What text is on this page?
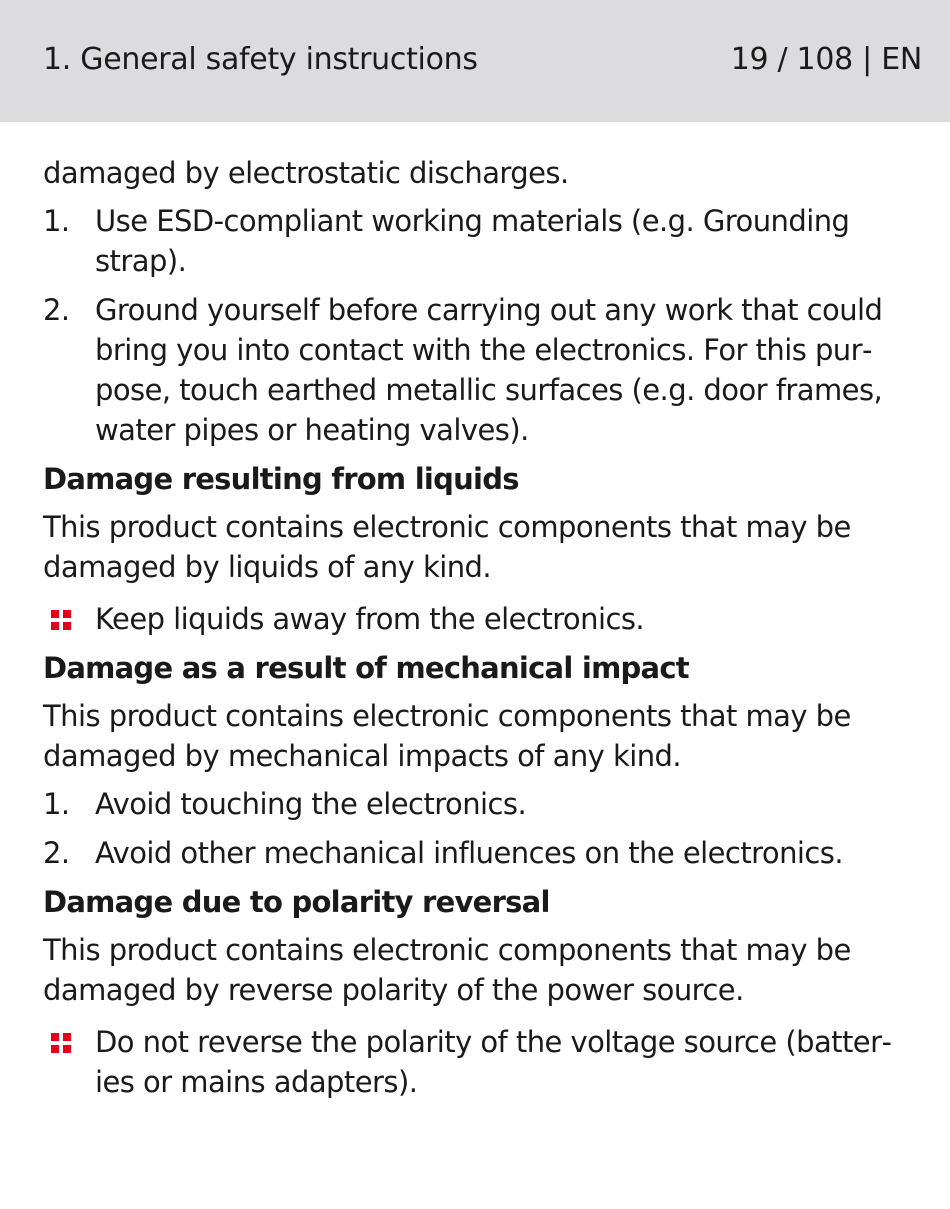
1. General safety instructions	19 / 108 | EN

damaged by electrostatic discharges.

1. Use ESD-compliant working materials (e.g. Grounding strap).
2. Ground yourself before carrying out any work that could bring you into contact with the electronics. For this purpose, touch earthed metallic surfaces (e.g. door frames, water pipes or heating valves).
Damage resulting from liquids

This product contains electronic components that may be damaged by liquids of any kind.

Keep liquids away from the electronics.
Damage as a result of mechanical impact

This product contains electronic components that may be damaged by mechanical impacts of any kind.

1. Avoid touching the electronics.
2. Avoid other mechanical influences on the electronics.
Damage due to polarity reversal

This product contains electronic components that may be damaged by reverse polarity of the power source.

Do not reverse the polarity of the voltage source (batteries or mains adapters).
